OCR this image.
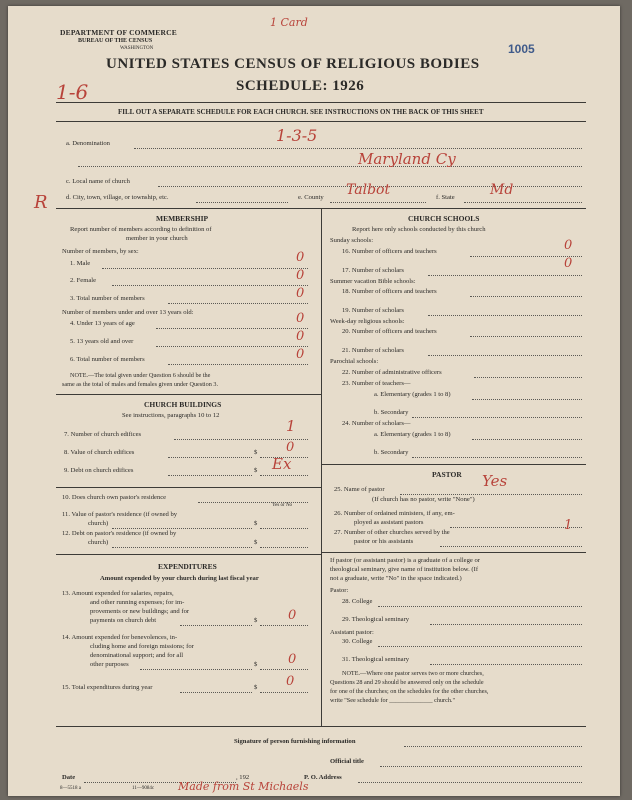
DEPARTMENT OF COMMERCE
BUREAU OF THE CENSUS
WASHINGTON
1 Card
1005
UNITED STATES CENSUS OF RELIGIOUS BODIES
1-6	SCHEDULE: 1926
FILL OUT A SEPARATE SCHEDULE FOR EACH CHURCH. SEE INSTRUCTIONS ON THE BACK OF THIS SHEET
a. Denomination	1-3-5
Maryland Cy
c. Local name of church
R	d. City, town, village, or township, etc.	e. County Talbot	f. State	Md
MEMBERSHIP
Report number of members according to definition of
member in your church
Number of members, by sex:
1. Male	0
2. Female	0
3. Total number of members	0
Number of members under and over 13 years old:
4. Under 13 years of age	0
5. 13 years old and over	0
6. Total number of members	0
NOTE.—The total given under Question 6 should be the
same as the total of males and females given under Question 3.
CHURCH BUILDINGS
See instructions, paragraphs 10 to 12
7. Number of church edifices	1
8. Value of church edifices	$ 0
9. Debt on church edifices	$ Ex
10. Does church own pastor's residence
Yes or No
11. Value of pastor's residence (if owned by
church)	$
12. Debt on pastor's residence (if owned by
church)	$
EXPENDITURES
Amount expended by your church during last fiscal year
13. Amount expended for salaries, repairs,
and other running expenses; for im-
provements or new buildings; and for
payments on church debt	$ 0
14. Amount expended for benevolences, in-
cluding home and foreign missions; for
denominational support; and for all
other purposes	$ 0
15. Total expenditures during year	$ 0
CHURCH SCHOOLS
Report here only schools conducted by this church
Sunday schools:
16. Number of officers and teachers	0
17. Number of scholars	0
Summer vacation Bible schools:
18. Number of officers and teachers
19. Number of scholars
Week-day religious schools:
20. Number of officers and teachers
21. Number of scholars
Parochial schools:
22. Number of administrative officers
23. Number of teachers—
a. Elementary (grades 1 to 8)
b. Secondary
24. Number of scholars—
a. Elementary (grades 1 to 8)
b. Secondary
PASTOR
25. Name of pastor	Yes
(If church has no pastor, write "None")
26. Number of ordained ministers, if any, em-
ployed as assistant pastors
27. Number of other churches served by the
pastor or his assistants
1
If pastor (or assistant pastor) is a graduate of a college or
theological seminary, give name of institution below. (If
not a graduate, write "No" in the space indicated.)
Pastor:
28. College
29. Theological seminary
Assistant pastor:
30. College
31. Theological seminary
NOTE.—Where one pastor serves two or more churches,
Questions 28 and 29 should be answered only on the schedule
for one of the churches; on the schedules for the other churches,
write "See schedule for ______________ church."
Signature of person furnishing information
Official title
Date	, 192	P. O. Address
8—5518 a	11—9084c Made from St Michaels
